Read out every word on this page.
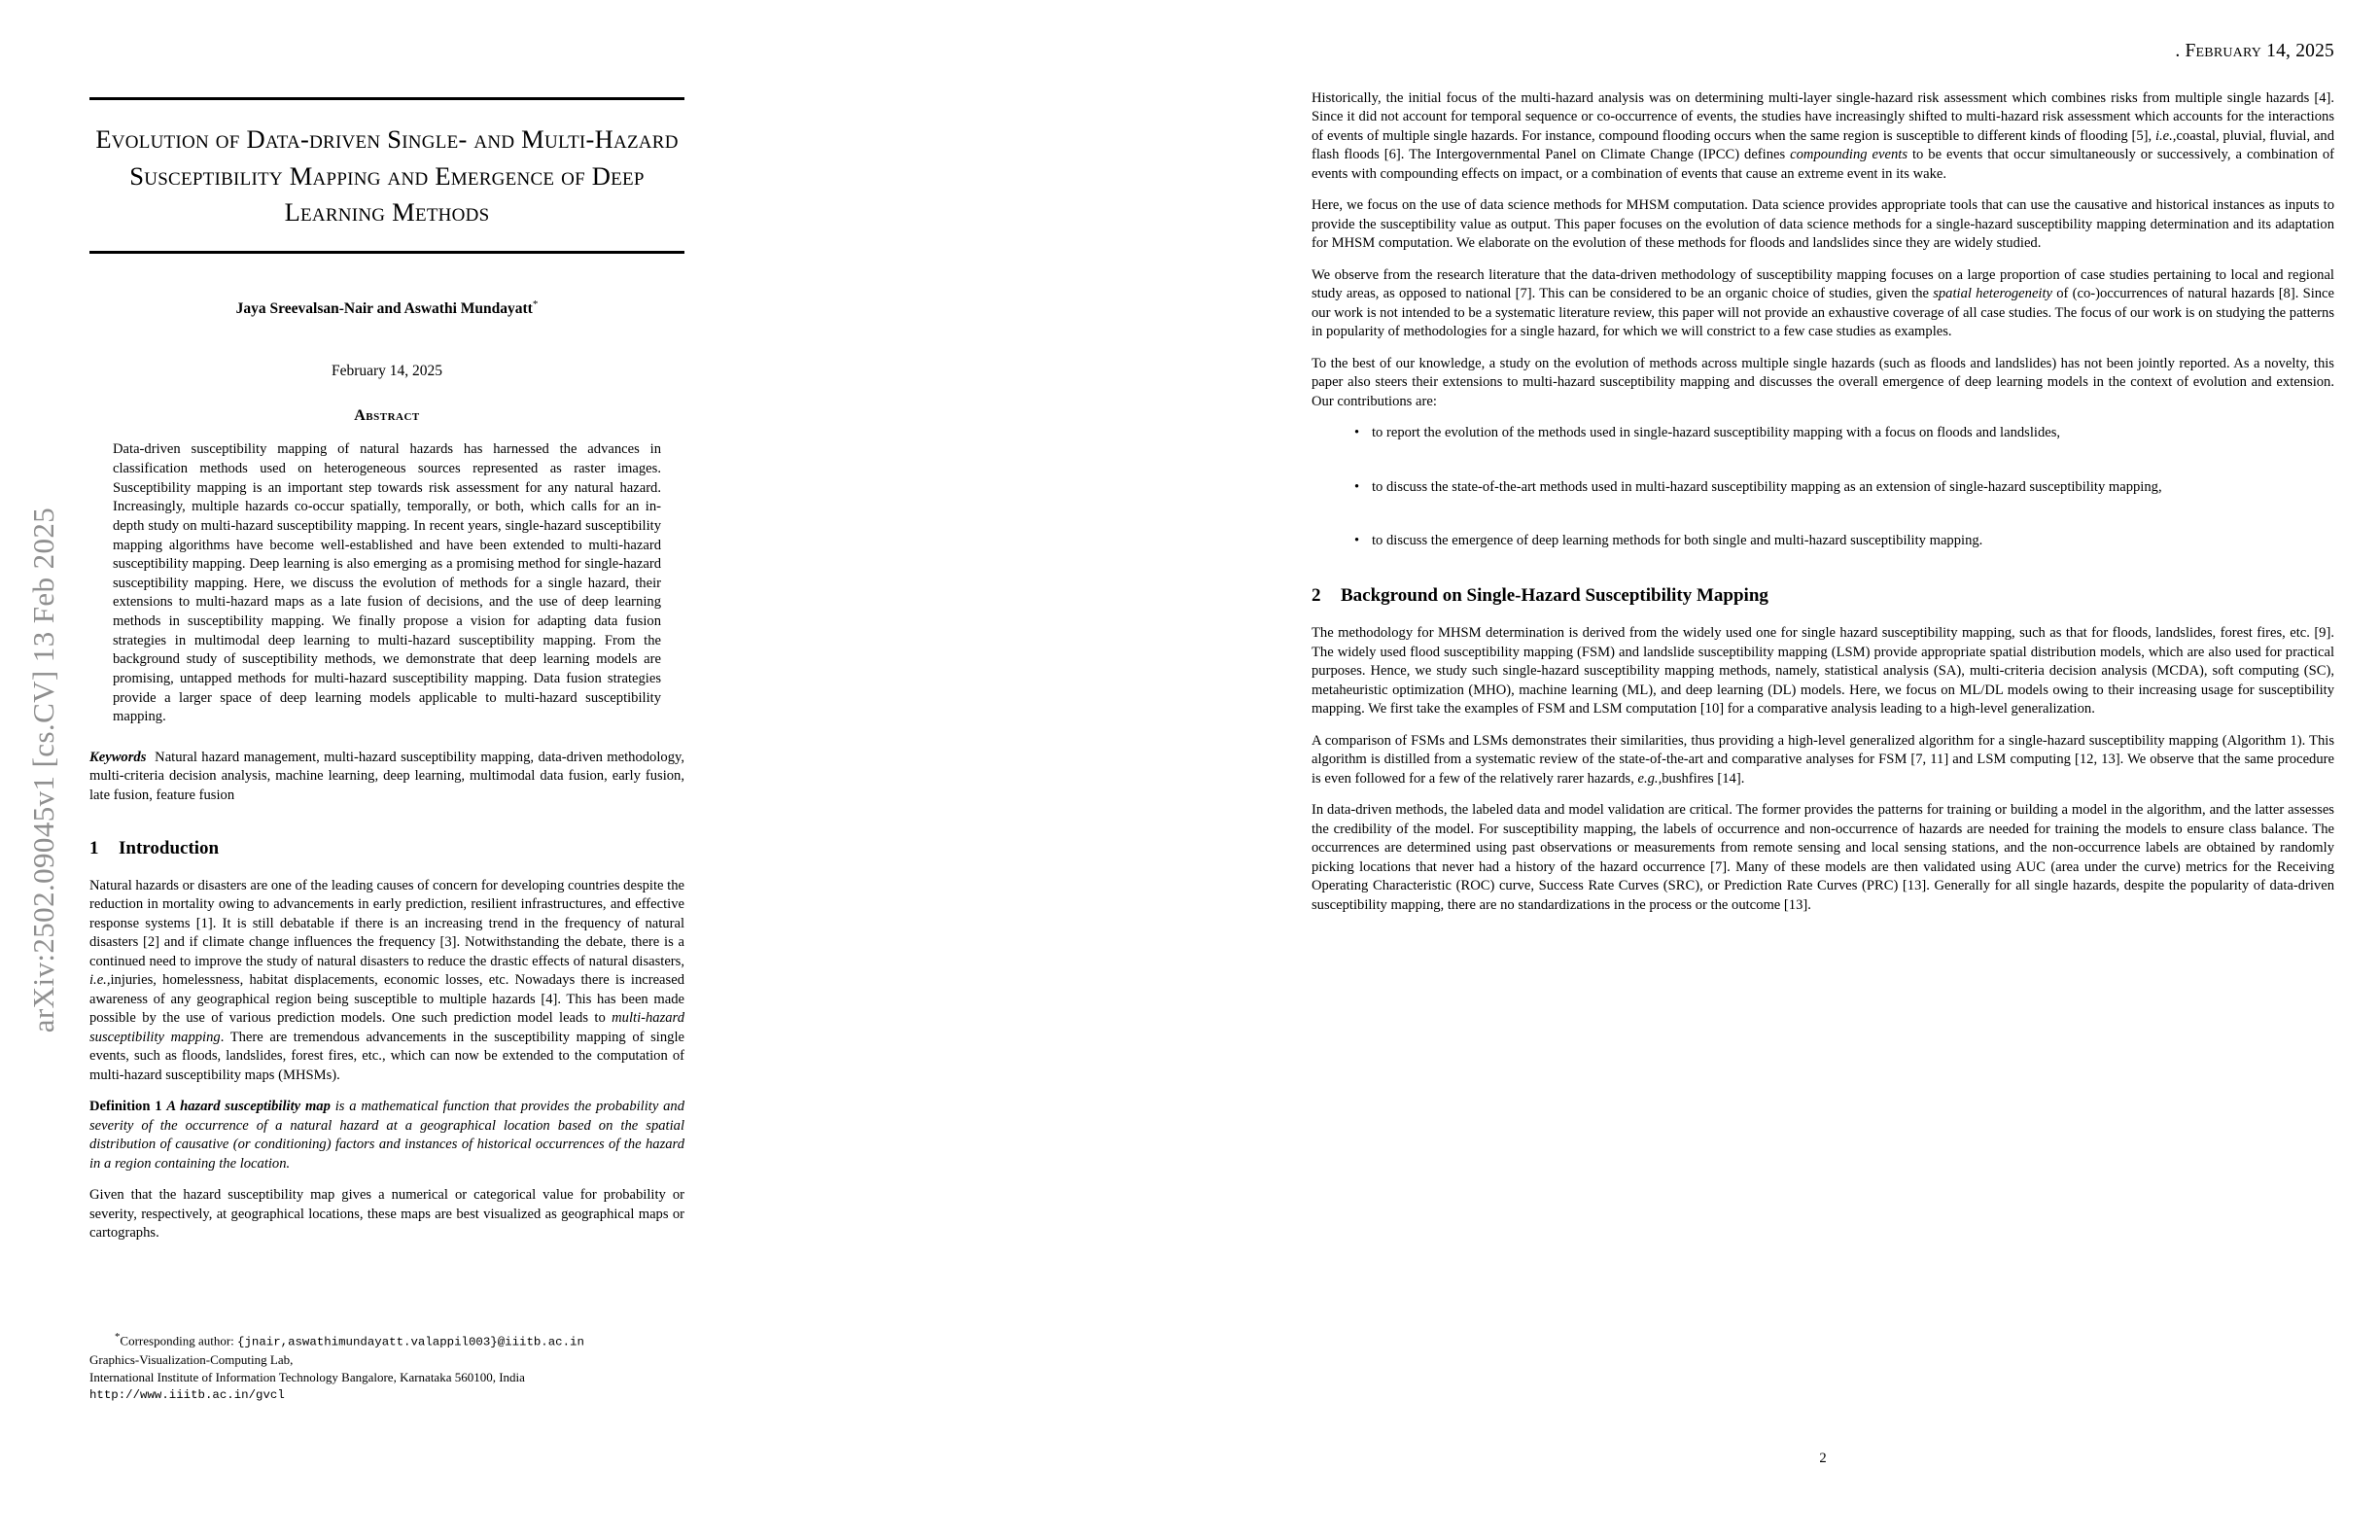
arXiv:2502.09045v1 [cs.CV] 13 Feb 2025
. February 14, 2025
Evolution of Data-driven Single- and Multi-Hazard Susceptibility Mapping and Emergence of Deep Learning Methods
Jaya Sreevalsan-Nair and Aswathi Mundayatt*
February 14, 2025
Abstract
Data-driven susceptibility mapping of natural hazards has harnessed the advances in classification methods used on heterogeneous sources represented as raster images. Susceptibility mapping is an important step towards risk assessment for any natural hazard. Increasingly, multiple hazards co-occur spatially, temporally, or both, which calls for an in-depth study on multi-hazard susceptibility mapping. In recent years, single-hazard susceptibility mapping algorithms have become well-established and have been extended to multi-hazard susceptibility mapping. Deep learning is also emerging as a promising method for single-hazard susceptibility mapping. Here, we discuss the evolution of methods for a single hazard, their extensions to multi-hazard maps as a late fusion of decisions, and the use of deep learning methods in susceptibility mapping. We finally propose a vision for adapting data fusion strategies in multimodal deep learning to multi-hazard susceptibility mapping. From the background study of susceptibility methods, we demonstrate that deep learning models are promising, untapped methods for multi-hazard susceptibility mapping. Data fusion strategies provide a larger space of deep learning models applicable to multi-hazard susceptibility mapping.
Keywords Natural hazard management, multi-hazard susceptibility mapping, data-driven methodology, multi-criteria decision analysis, machine learning, deep learning, multimodal data fusion, early fusion, late fusion, feature fusion
1 Introduction

Natural hazards or disasters are one of the leading causes of concern for developing countries despite the reduction in mortality owing to advancements in early prediction, resilient infrastructures, and effective response systems [1]. It is still debatable if there is an increasing trend in the frequency of natural disasters [2] and if climate change influences the frequency [3]. Notwithstanding the debate, there is a continued need to improve the study of natural disasters to reduce the drastic effects of natural disasters, i.e.,injuries, homelessness, habitat displacements, economic losses, etc. Nowadays there is increased awareness of any geographical region being susceptible to multiple hazards [4]. This has been made possible by the use of various prediction models. One such prediction model leads to multi-hazard susceptibility mapping. There are tremendous advancements in the susceptibility mapping of single events, such as floods, landslides, forest fires, etc., which can now be extended to the computation of multi-hazard susceptibility maps (MHSMs).

Definition 1 A hazard susceptibility map is a mathematical function that provides the probability and severity of the occurrence of a natural hazard at a geographical location based on the spatial distribution of causative (or conditioning) factors and instances of historical occurrences of the hazard in a region containing the location.

Given that the hazard susceptibility map gives a numerical or categorical value for probability or severity, respectively, at geographical locations, these maps are best visualized as geographical maps or cartographs.

*Corresponding author: {jnair,aswathimundayatt.valappil003}@iiitb.ac.in
Graphics-Visualization-Computing Lab,
International Institute of Information Technology Bangalore, Karnataka 560100, India
http://www.iiitb.ac.in/gvcl

Historically, the initial focus of the multi-hazard analysis was on determining multi-layer single-hazard risk assessment which combines risks from multiple single hazards [4]. Since it did not account for temporal sequence or co-occurrence of events, the studies have increasingly shifted to multi-hazard risk assessment which accounts for the interactions of events of multiple single hazards. For instance, compound flooding occurs when the same region is susceptible to different kinds of flooding [5], i.e.,coastal, pluvial, fluvial, and flash floods [6]. The Intergovernmental Panel on Climate Change (IPCC) defines compounding events to be events that occur simultaneously or successively, a combination of events with compounding effects on impact, or a combination of events that cause an extreme event in its wake.

Here, we focus on the use of data science methods for MHSM computation. Data science provides appropriate tools that can use the causative and historical instances as inputs to provide the susceptibility value as output. This paper focuses on the evolution of data science methods for a single-hazard susceptibility mapping determination and its adaptation for MHSM computation. We elaborate on the evolution of these methods for floods and landslides since they are widely studied.

We observe from the research literature that the data-driven methodology of susceptibility mapping focuses on a large proportion of case studies pertaining to local and regional study areas, as opposed to national [7]. This can be considered to be an organic choice of studies, given the spatial heterogeneity of (co-)occurrences of natural hazards [8]. Since our work is not intended to be a systematic literature review, this paper will not provide an exhaustive coverage of all case studies. The focus of our work is on studying the patterns in popularity of methodologies for a single hazard, for which we will constrict to a few case studies as examples.

To the best of our knowledge, a study on the evolution of methods across multiple single hazards (such as floods and landslides) has not been jointly reported. As a novelty, this paper also steers their extensions to multi-hazard susceptibility mapping and discusses the overall emergence of deep learning models in the context of evolution and extension. Our contributions are:

• to report the evolution of the methods used in single-hazard susceptibility mapping with a focus on floods and landslides,
• to discuss the state-of-the-art methods used in multi-hazard susceptibility mapping as an extension of single-hazard susceptibility mapping,
• to discuss the emergence of deep learning methods for both single and multi-hazard susceptibility mapping.
2 Background on Single-Hazard Susceptibility Mapping

The methodology for MHSM determination is derived from the widely used one for single hazard susceptibility mapping, such as that for floods, landslides, forest fires, etc. [9]. The widely used flood susceptibility mapping (FSM) and landslide susceptibility mapping (LSM) provide appropriate spatial distribution models, which are also used for practical purposes. Hence, we study such single-hazard susceptibility mapping methods, namely, statistical analysis (SA), multi-criteria decision analysis (MCDA), soft computing (SC), metaheuristic optimization (MHO), machine learning (ML), and deep learning (DL) models. Here, we focus on ML/DL models owing to their increasing usage for susceptibility mapping. We first take the examples of FSM and LSM computation [10] for a comparative analysis leading to a high-level generalization.

A comparison of FSMs and LSMs demonstrates their similarities, thus providing a high-level generalized algorithm for a single-hazard susceptibility mapping (Algorithm 1). This algorithm is distilled from a systematic review of the state-of-the-art and comparative analyses for FSM [7, 11] and LSM computing [12, 13]. We observe that the same procedure is even followed for a few of the relatively rarer hazards, e.g.,bushfires [14].

In data-driven methods, the labeled data and model validation are critical. The former provides the patterns for training or building a model in the algorithm, and the latter assesses the credibility of the model. For susceptibility mapping, the labels of occurrence and non-occurrence of hazards are needed for training the models to ensure class balance. The occurrences are determined using past observations or measurements from remote sensing and local sensing stations, and the non-occurrence labels are obtained by randomly picking locations that never had a history of the hazard occurrence [7]. Many of these models are then validated using AUC (area under the curve) metrics for the Receiving Operating Characteristic (ROC) curve, Success Rate Curves (SRC), or Prediction Rate Curves (PRC) [13]. Generally for all single hazards, despite the popularity of data-driven susceptibility mapping, there are no standardizations in the process or the outcome [13].

2
